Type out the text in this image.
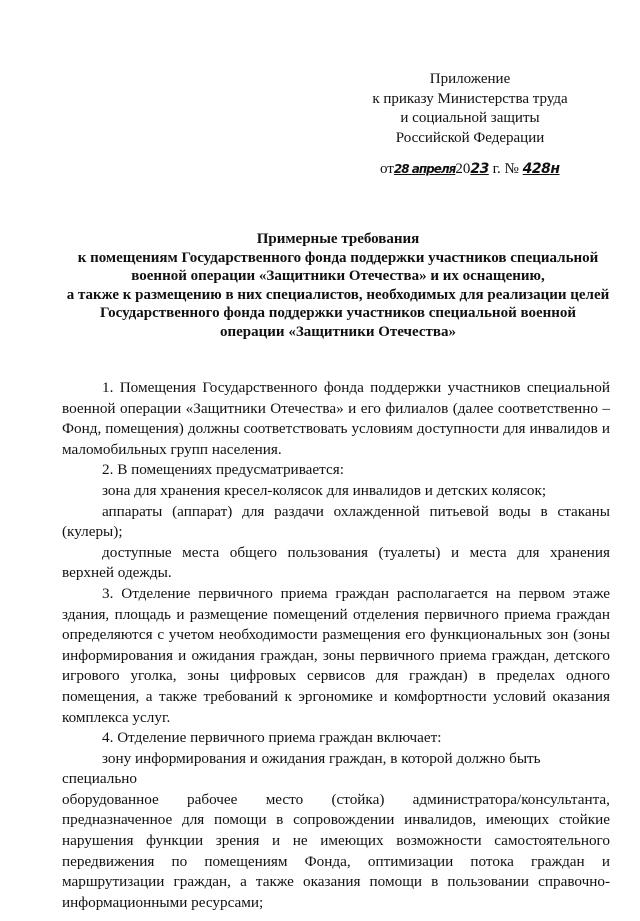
Приложение
к приказу Министерства труда
и социальной защиты
Российской Федерации
от28 апреля2023 г. № 428н
Примерные требования
к помещениям Государственного фонда поддержки участников специальной
военной операции «Защитники Отечества» и их оснащению,
а также к размещению в них специалистов, необходимых для реализации целей
Государственного фонда поддержки участников специальной военной
операции «Защитники Отечества»

1. Помещения Государственного фонда поддержки участников специальной военной операции «Защитники Отечества» и его филиалов (далее соответственно – Фонд, помещения) должны соответствовать условиям доступности для инвалидов и маломобильных групп населения.

2. В помещениях предусматривается:

зона для хранения кресел-колясок для инвалидов и детских колясок;

аппараты (аппарат) для раздачи охлажденной питьевой воды в стаканы (кулеры);

доступные места общего пользования (туалеты) и места для хранения верхней одежды.

3. Отделение первичного приема граждан располагается на первом этаже здания, площадь и размещение помещений отделения первичного приема граждан определяются с учетом необходимости размещения его функциональных зон (зоны информирования и ожидания граждан, зоны первичного приема граждан, детского игрового уголка, зоны цифровых сервисов для граждан) в пределах одного помещения, а также требований к эргономике и комфортности условий оказания комплекса услуг.

4. Отделение первичного приема граждан включает:

зону информирования и ожидания граждан, в которой должно быть специально

оборудованное рабочее место (стойка) администратора/консультанта,

предназначенное для помощи в сопровождении инвалидов, имеющих стойкие нарушения функции зрения и не имеющих возможности самостоятельного передвижения по помещениям Фонда, оптимизации потока граждан и маршрутизации граждан, а также оказания помощи в пользовании справочно-информационными ресурсами;
